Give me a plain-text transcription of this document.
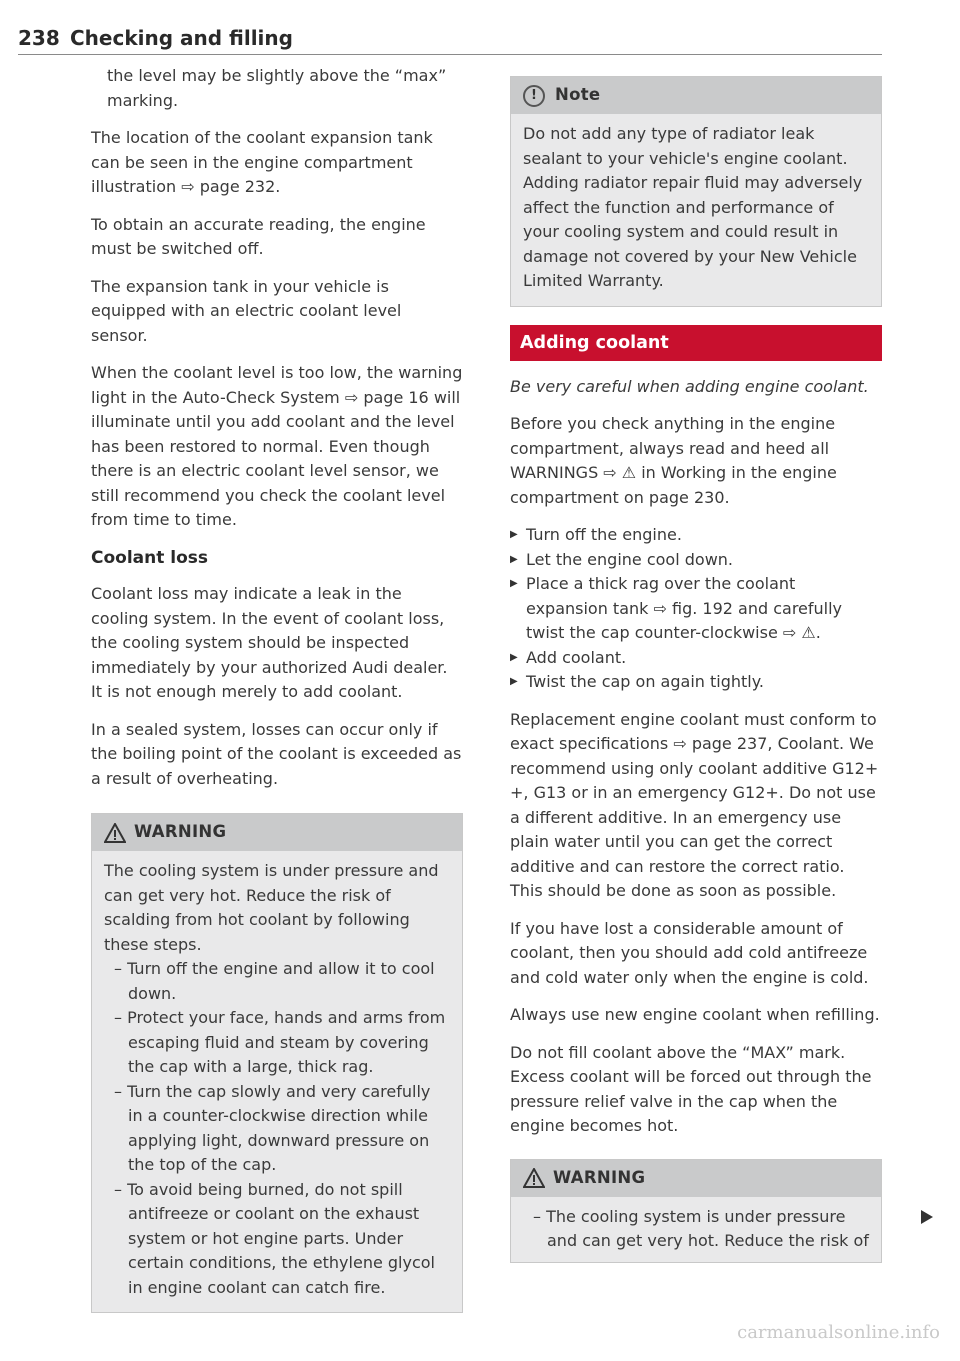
238 Checking and filling

the level may be slightly above the “max” marking.

The location of the coolant expansion tank can be seen in the engine compartment illustration ⇨ page 232.

To obtain an accurate reading, the engine must be switched off.

The expansion tank in your vehicle is equipped with an electric coolant level sensor.

When the coolant level is too low, the warning light in the Auto-Check System ⇨ page 16 will illuminate until you add coolant and the level has been restored to normal. Even though there is an electric coolant level sensor, we still recommend you check the coolant level from time to time.

Coolant loss

Coolant loss may indicate a leak in the cooling system. In the event of coolant loss, the cooling system should be inspected immediately by your authorized Audi dealer. It is not enough merely to add coolant.

In a sealed system, losses can occur only if the boiling point of the coolant is exceeded as a result of overheating.

WARNING
The cooling system is under pressure and can get very hot. Reduce the risk of scalding from hot coolant by following these steps.
– Turn off the engine and allow it to cool down.
– Protect your face, hands and arms from escaping fluid and steam by covering the cap with a large, thick rag.
– Turn the cap slowly and very carefully in a counter-clockwise direction while applying light, downward pressure on the top of the cap.
– To avoid being burned, do not spill antifreeze or coolant on the exhaust system or hot engine parts. Under certain conditions, the ethylene glycol in engine coolant can catch fire.
!	Note
Do not add any type of radiator leak sealant to your vehicle's engine coolant. Adding radiator repair fluid may adversely affect the function and performance of your cooling system and could result in damage not covered by your New Vehicle Limited Warranty.
Adding coolant

Be very careful when adding engine coolant.

Before you check anything in the engine compartment, always read and heed all WARNINGS ⇨ ⚠ in Working in the engine compartment on page 230.

▶ Turn off the engine.
▶ Let the engine cool down.
▶ Place a thick rag over the coolant expansion tank ⇨ fig. 192 and carefully twist the cap counter-clockwise ⇨ ⚠.
▶ Add coolant.
▶ Twist the cap on again tightly.

Replacement engine coolant must conform to exact specifications ⇨ page 237, Coolant. We recommend using only coolant additive G12+ +, G13 or in an emergency G12+. Do not use a different additive. In an emergency use plain water until you can get the correct additive and can restore the correct ratio. This should be done as soon as possible.

If you have lost a considerable amount of coolant, then you should add cold antifreeze and cold water only when the engine is cold.

Always use new engine coolant when refilling.

Do not fill coolant above the “MAX” mark. Excess coolant will be forced out through the pressure relief valve in the cap when the engine becomes hot.

WARNING
– The cooling system is under pressure and can get very hot. Reduce the risk of
carmanualsonline.info
